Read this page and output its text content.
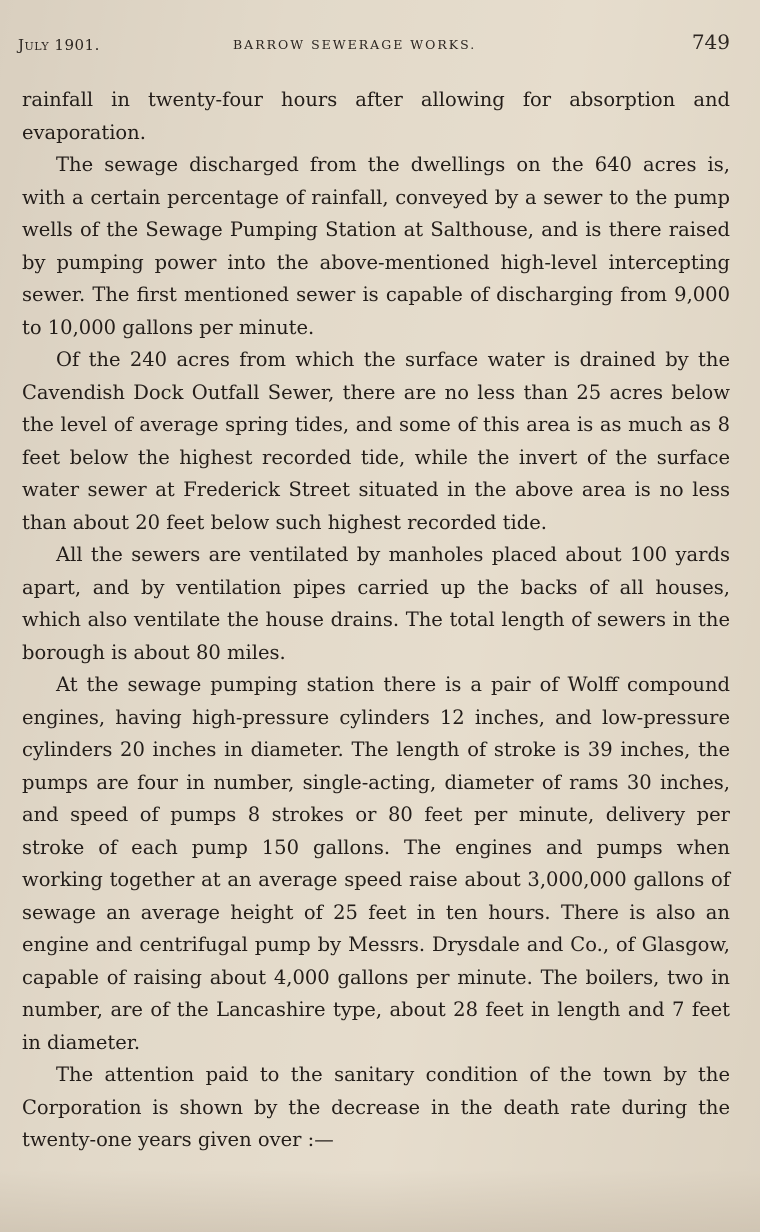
July 1901.	BARROW SEWERAGE WORKS.	749

rainfall in twenty-four hours after allowing for absorption and evaporation.

The sewage discharged from the dwellings on the 640 acres is, with a certain percentage of rainfall, conveyed by a sewer to the pump wells of the Sewage Pumping Station at Salthouse, and is there raised by pumping power into the above-mentioned high-level intercepting sewer. The first mentioned sewer is capable of discharging from 9,000 to 10,000 gallons per minute.

Of the 240 acres from which the surface water is drained by the Cavendish Dock Outfall Sewer, there are no less than 25 acres below the level of average spring tides, and some of this area is as much as 8 feet below the highest recorded tide, while the invert of the surface water sewer at Frederick Street situated in the above area is no less than about 20 feet below such highest recorded tide.

All the sewers are ventilated by manholes placed about 100 yards apart, and by ventilation pipes carried up the backs of all houses, which also ventilate the house drains. The total length of sewers in the borough is about 80 miles.

At the sewage pumping station there is a pair of Wolff compound engines, having high-pressure cylinders 12 inches, and low-pressure cylinders 20 inches in diameter. The length of stroke is 39 inches, the pumps are four in number, single-acting, diameter of rams 30 inches, and speed of pumps 8 strokes or 80 feet per minute, delivery per stroke of each pump 150 gallons. The engines and pumps when working together at an average speed raise about 3,000,000 gallons of sewage an average height of 25 feet in ten hours. There is also an engine and centrifugal pump by Messrs. Drysdale and Co., of Glasgow, capable of raising about 4,000 gallons per minute. The boilers, two in number, are of the Lancashire type, about 28 feet in length and 7 feet in diameter.

The attention paid to the sanitary condition of the town by the Corporation is shown by the decrease in the death rate during the twenty-one years given over :—
